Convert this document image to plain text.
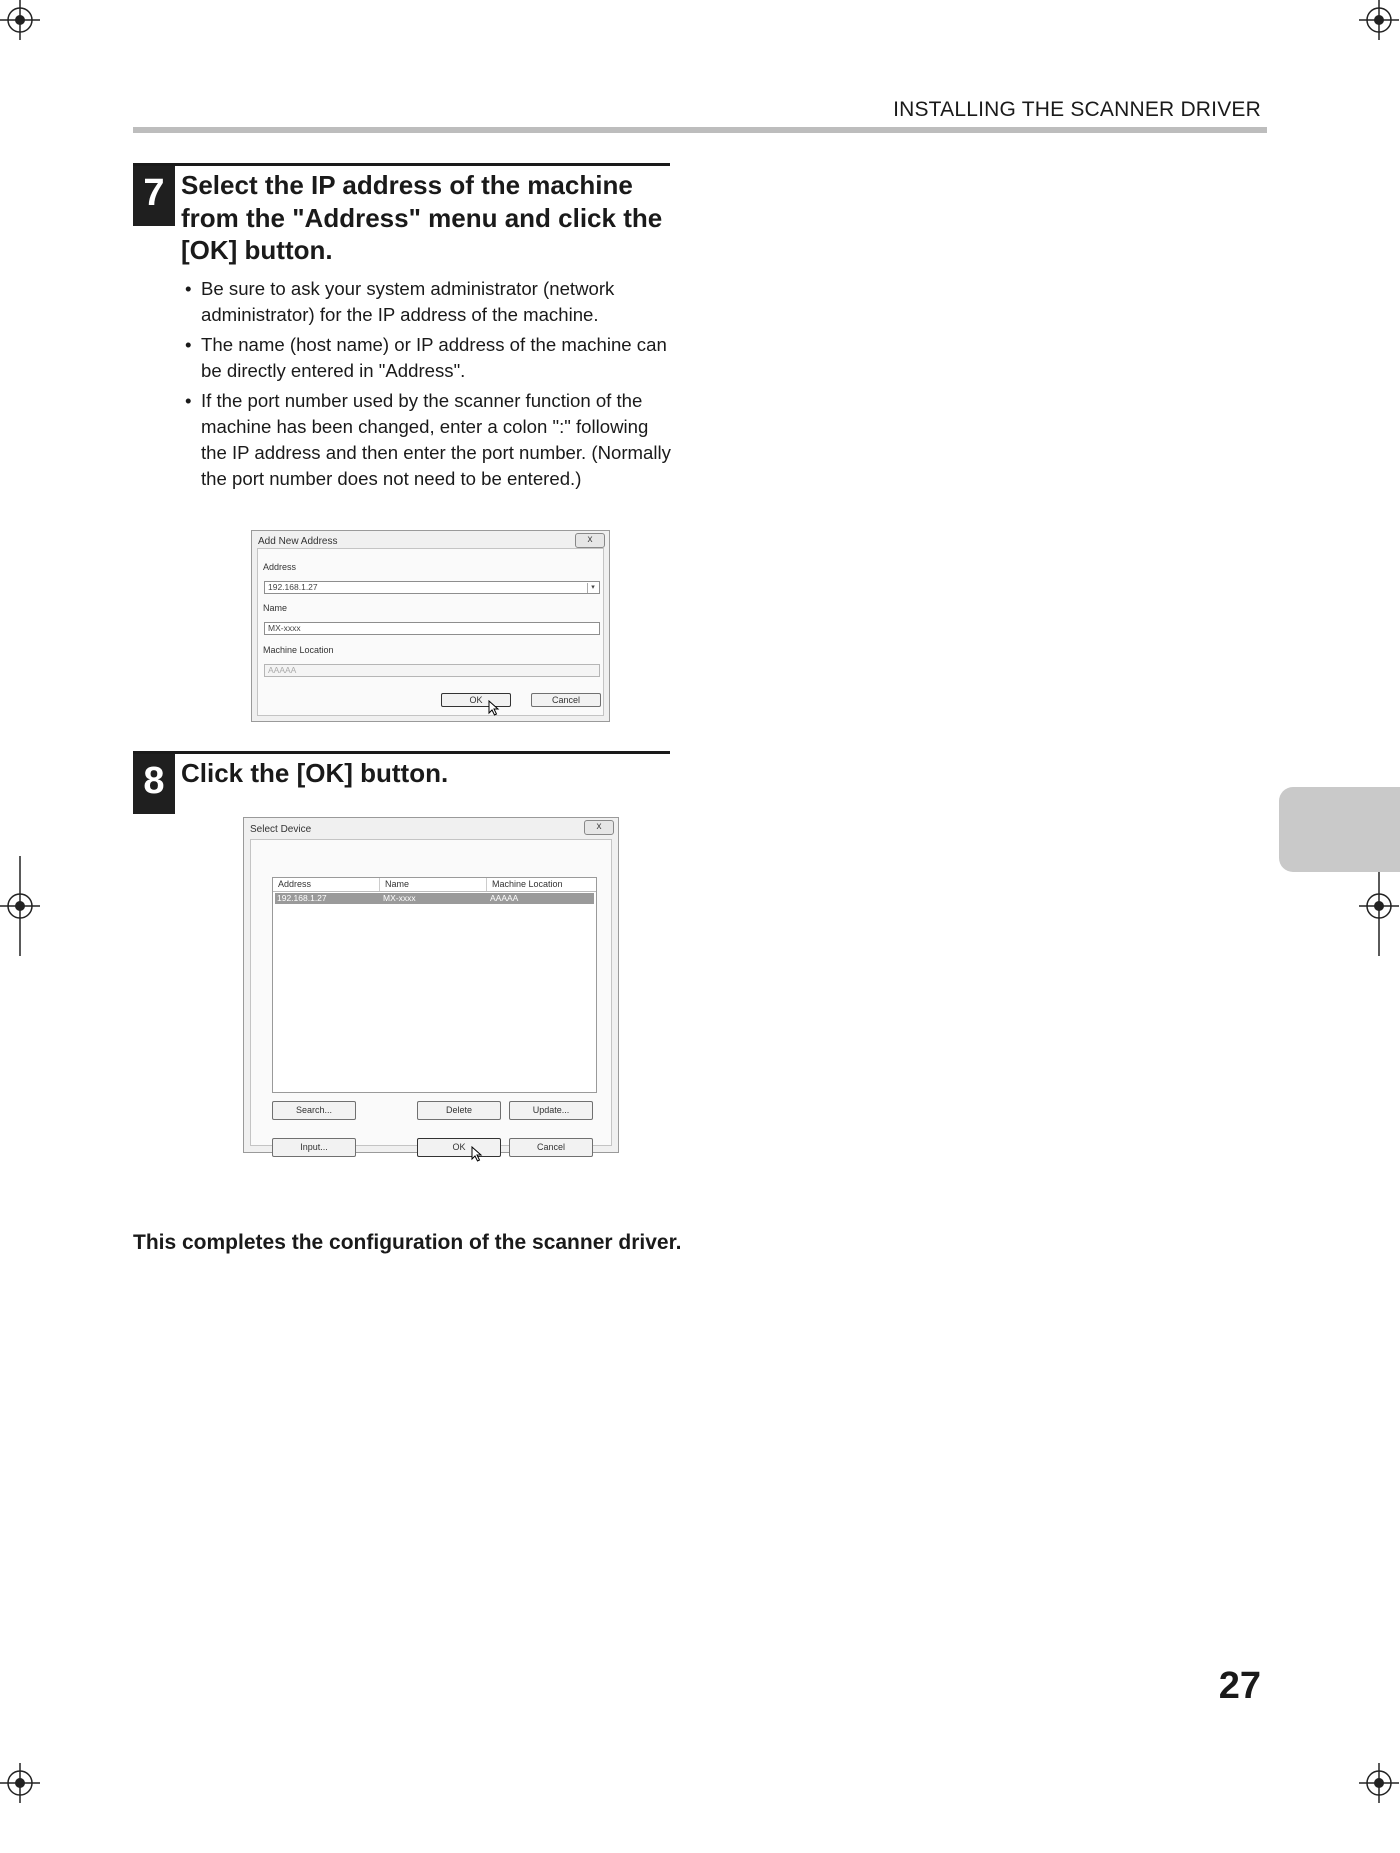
INSTALLING THE SCANNER DRIVER
7 Select the IP address of the machine
from the "Address" menu and click the
[OK] button.
• Be sure to ask your system administrator (network administrator) for the IP address of the machine.
• The name (host name) or IP address of the machine can be directly entered in "Address".
• If the port number used by the scanner function of the machine has been changed, enter a colon ":" following the IP address and then enter the port number. (Normally the port number does not need to be entered.)
Add New Address	x
Address
192.168.1.27	▾
Name
MX-xxxx
Machine Location
AAAAA
OK	Cancel
8 Click the [OK] button.
Select Device	x
Address	Name	Machine Location
192.168.1.27	MX-xxxx	AAAAA
Search...	Delete	Update...
Input...	OK	Cancel
This completes the configuration of the scanner driver.
27
